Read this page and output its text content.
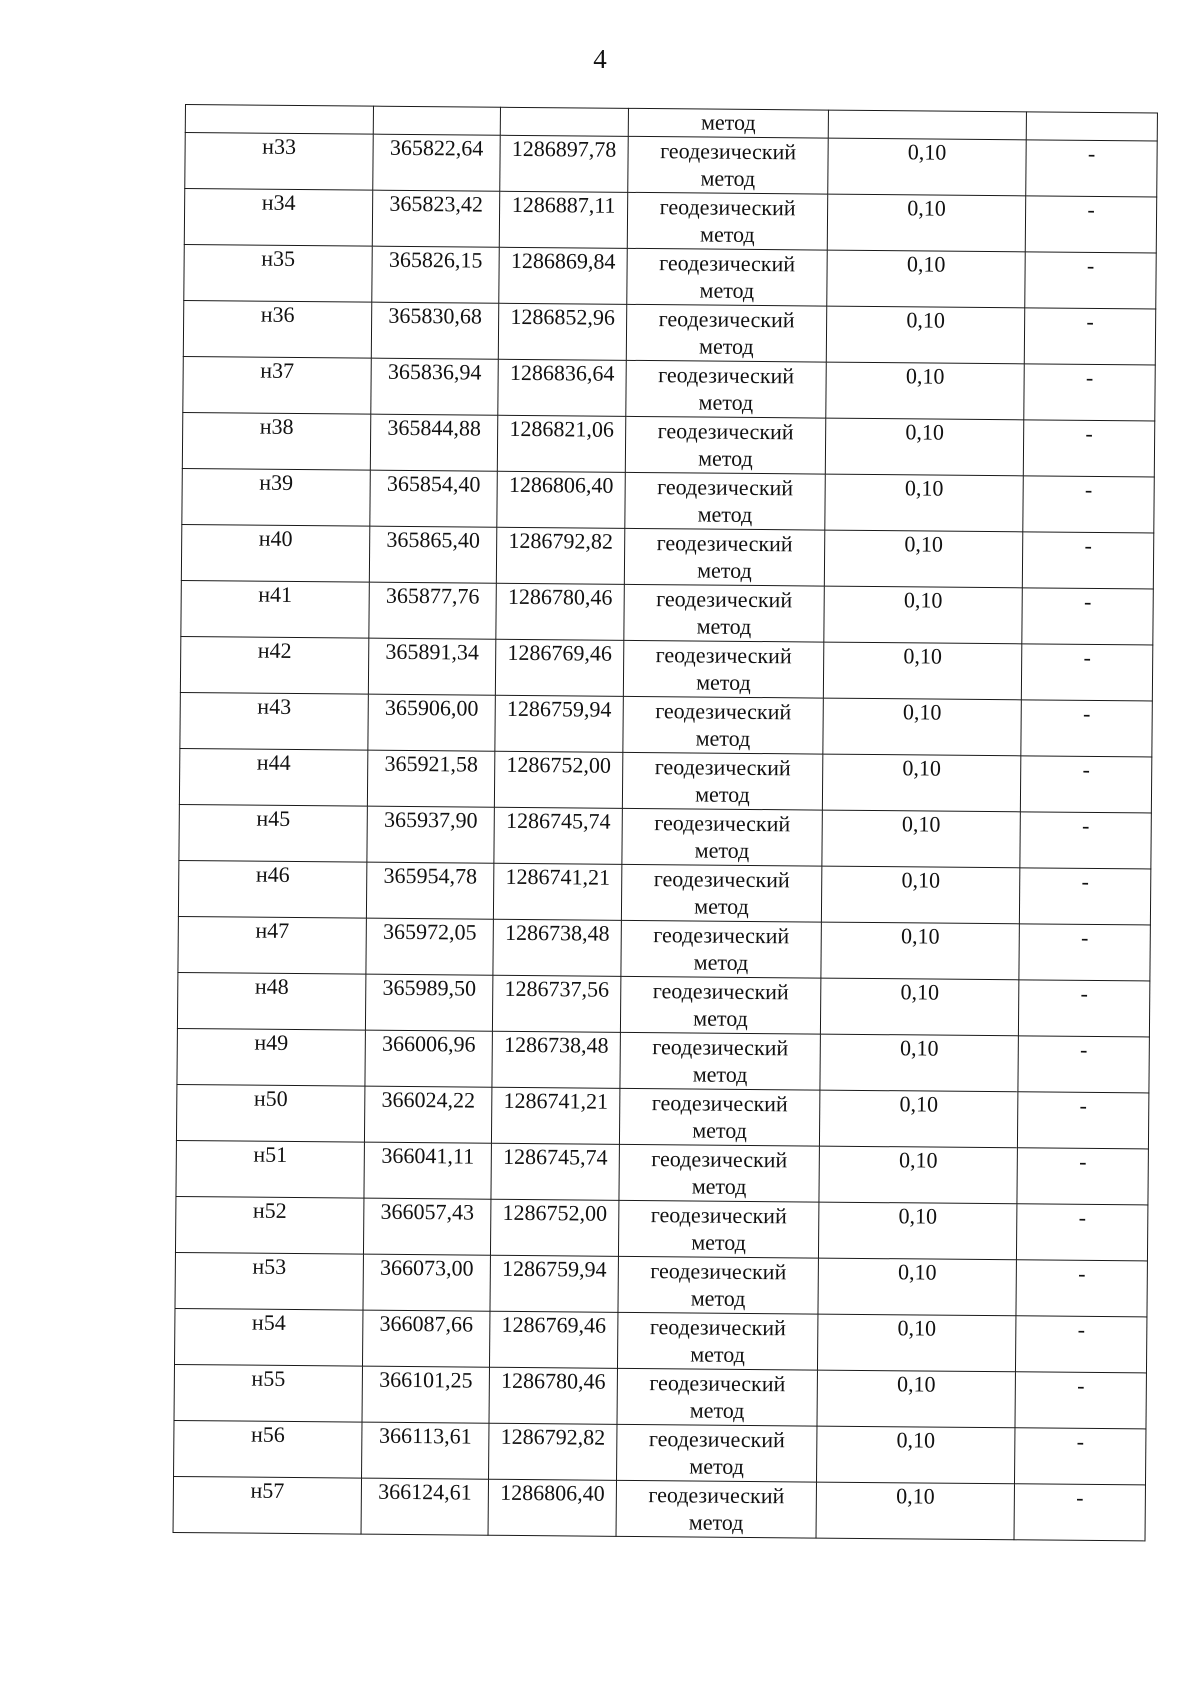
4
			метод		
н33	365822,64	1286897,78	геодезический
метод	0,10	-
н34	365823,42	1286887,11	геодезический
метод	0,10	-
н35	365826,15	1286869,84	геодезический
метод	0,10	-
н36	365830,68	1286852,96	геодезический
метод	0,10	-
н37	365836,94	1286836,64	геодезический
метод	0,10	-
н38	365844,88	1286821,06	геодезический
метод	0,10	-
н39	365854,40	1286806,40	геодезический
метод	0,10	-
н40	365865,40	1286792,82	геодезический
метод	0,10	-
н41	365877,76	1286780,46	геодезический
метод	0,10	-
н42	365891,34	1286769,46	геодезический
метод	0,10	-
н43	365906,00	1286759,94	геодезический
метод	0,10	-
н44	365921,58	1286752,00	геодезический
метод	0,10	-
н45	365937,90	1286745,74	геодезический
метод	0,10	-
н46	365954,78	1286741,21	геодезический
метод	0,10	-
н47	365972,05	1286738,48	геодезический
метод	0,10	-
н48	365989,50	1286737,56	геодезический
метод	0,10	-
н49	366006,96	1286738,48	геодезический
метод	0,10	-
н50	366024,22	1286741,21	геодезический
метод	0,10	-
н51	366041,11	1286745,74	геодезический
метод	0,10	-
н52	366057,43	1286752,00	геодезический
метод	0,10	-
н53	366073,00	1286759,94	геодезический
метод	0,10	-
н54	366087,66	1286769,46	геодезический
метод	0,10	-
н55	366101,25	1286780,46	геодезический
метод	0,10	-
н56	366113,61	1286792,82	геодезический
метод	0,10	-
н57	366124,61	1286806,40	геодезический
метод	0,10	-
